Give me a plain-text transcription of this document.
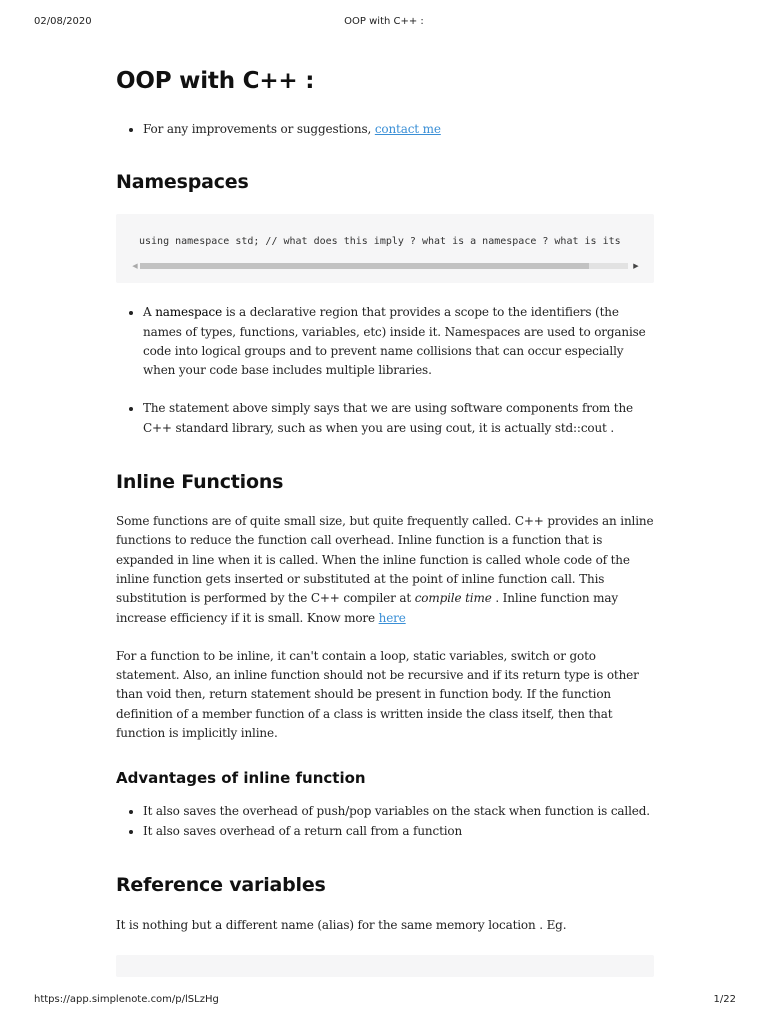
02/08/2020	OOP with C++ :
OOP with C++ :
• For any improvements or suggestions, contact me
Namespaces
using namespace std; // what does this imply ? what is a namespace ? what is its
◀	▶
• A namespace is a declarative region that provides a scope to the identifiers (the names of types, functions, variables, etc) inside it. Namespaces are used to organise code into logical groups and to prevent name collisions that can occur especially when your code base includes multiple libraries.
• The statement above simply says that we are using software components from the C++ standard library, such as when you are using cout, it is actually std::cout .
Inline Functions

Some functions are of quite small size, but quite frequently called. C++ provides an inline functions to reduce the function call overhead. Inline function is a function that is expanded in line when it is called. When the inline function is called whole code of the inline function gets inserted or substituted at the point of inline function call. This substitution is performed by the C++ compiler at compile time . Inline function may increase efficiency if it is small. Know more here

For a function to be inline, it can't contain a loop, static variables, switch or goto statement. Also, an inline function should not be recursive and if its return type is other than void then, return statement should be present in function body. If the function definition of a member function of a class is written inside the class itself, then that function is implicitly inline.

Advantages of inline function
• It also saves the overhead of push/pop variables on the stack when function is called.
• It also saves overhead of a return call from a function
Reference variables

It is nothing but a different name (alias) for the same memory location . Eg.

https://app.simplenote.com/p/lSLzHg	1/22
